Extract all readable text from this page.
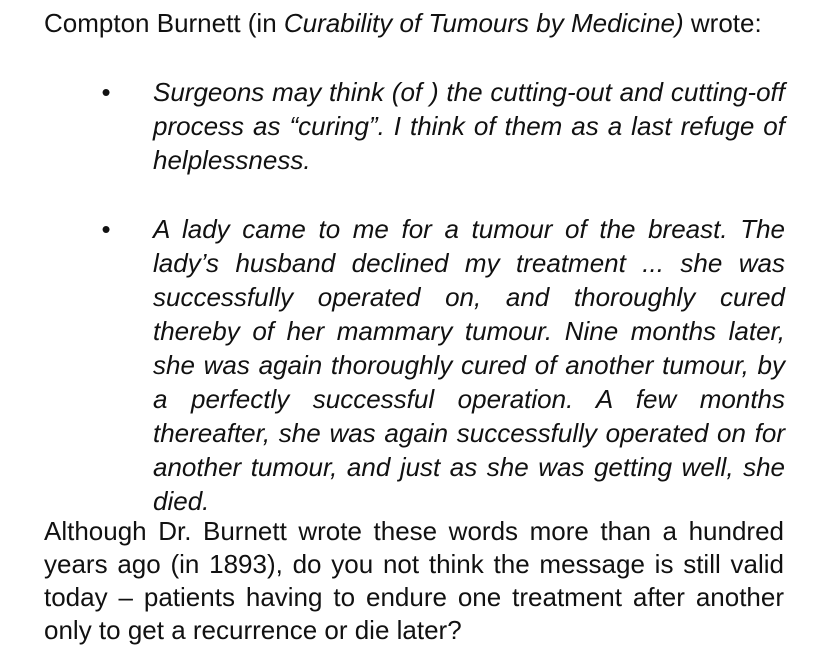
Compton Burnett (in Curability of Tumours by Medicine) wrote:
• Surgeons may think (of ) the cutting-out and cutting-off process as “curing”. I think of them as a last refuge of helplessness.
• A lady came to me for a tumour of the breast. The lady’s husband declined my treatment ... she was successfully operated on, and thoroughly cured thereby of her mammary tumour. Nine months later, she was again thoroughly cured of another tumour, by a perfectly successful operation. A few months thereafter, she was again successfully operated on for another tumour, and just as she was getting well, she died.
Although Dr. Burnett wrote these words more than a hundred years ago (in 1893), do you not think the message is still valid today – patients having to endure one treatment after another only to get a recurrence or die later?
